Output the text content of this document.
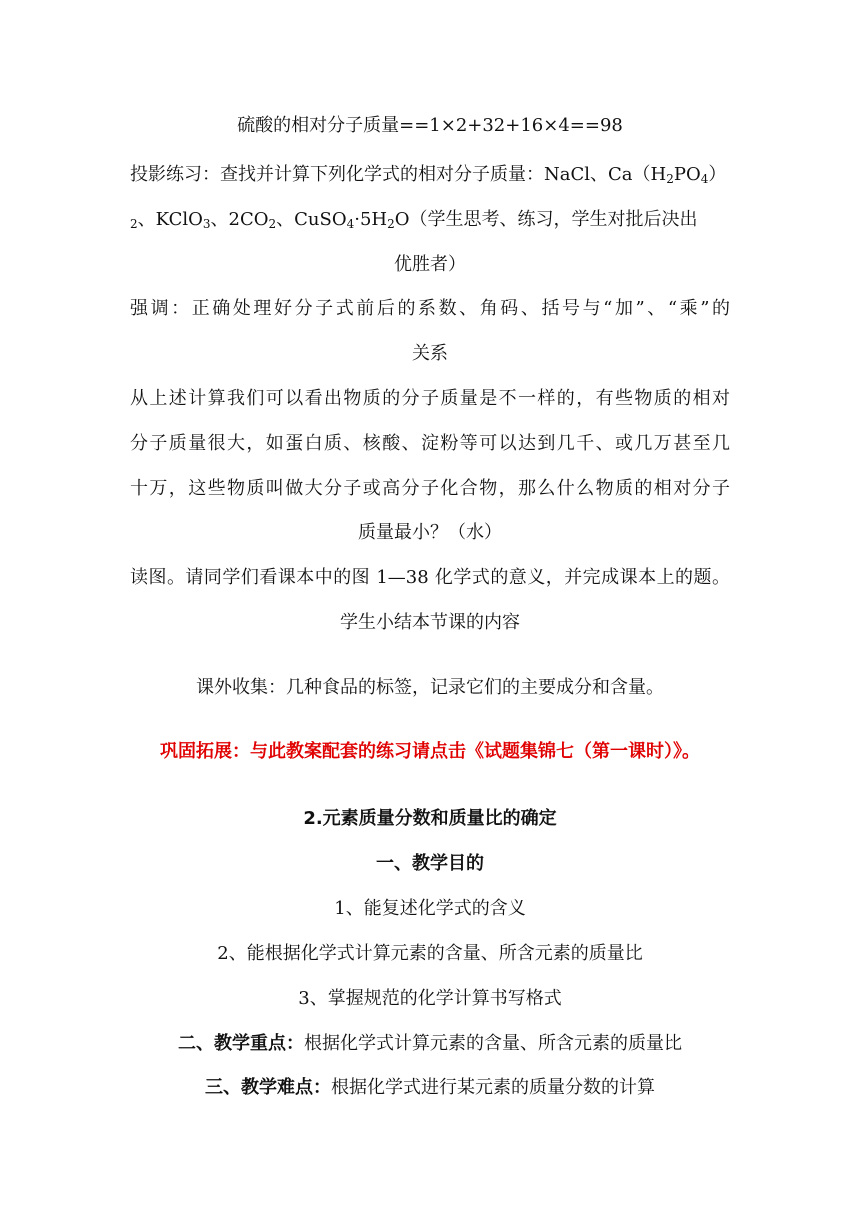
硫酸的相对分子质量==1×2+32+16×4==98
投影练习：查找并计算下列化学式的相对分子质量：NaCl、$Ca(H_2PO_4)$
$_2$、KClO$_3$、$2CO_2$、$CuSO_4\cdot 5H_2O$（学生思考、练习，学生对批后决出
优胜者）
强调：正确处理好分子式前后的系数、角码、括号与“加”、“乘”的
关系
从上述计算我们可以看出物质的分子质量是不一样的，有些物质的相对
分子质量很大，如蛋白质、核酸、淀粉等可以达到几千、或几万甚至几
十万，这些物质叫做大分子或高分子化合物，那么什么物质的相对分子
质量最小？（水）
读图。请同学们看课本中的图 1—38 化学式的意义，并完成课本上的题。
学生小结本节课的内容
课外收集：几种食品的标签，记录它们的主要成分和含量。
巩固拓展：与此教案配套的练习请点击《试题集锦七（第一课时）》。
2.元素质量分数和质量比的确定
一、教学目的
1、能复述化学式的含义
2、能根据化学式计算元素的含量、所含元素的质量比
3、掌握规范的化学计算书写格式
二、教学重点：根据化学式计算元素的含量、所含元素的质量比
三、教学难点：根据化学式进行某元素的质量分数的计算
